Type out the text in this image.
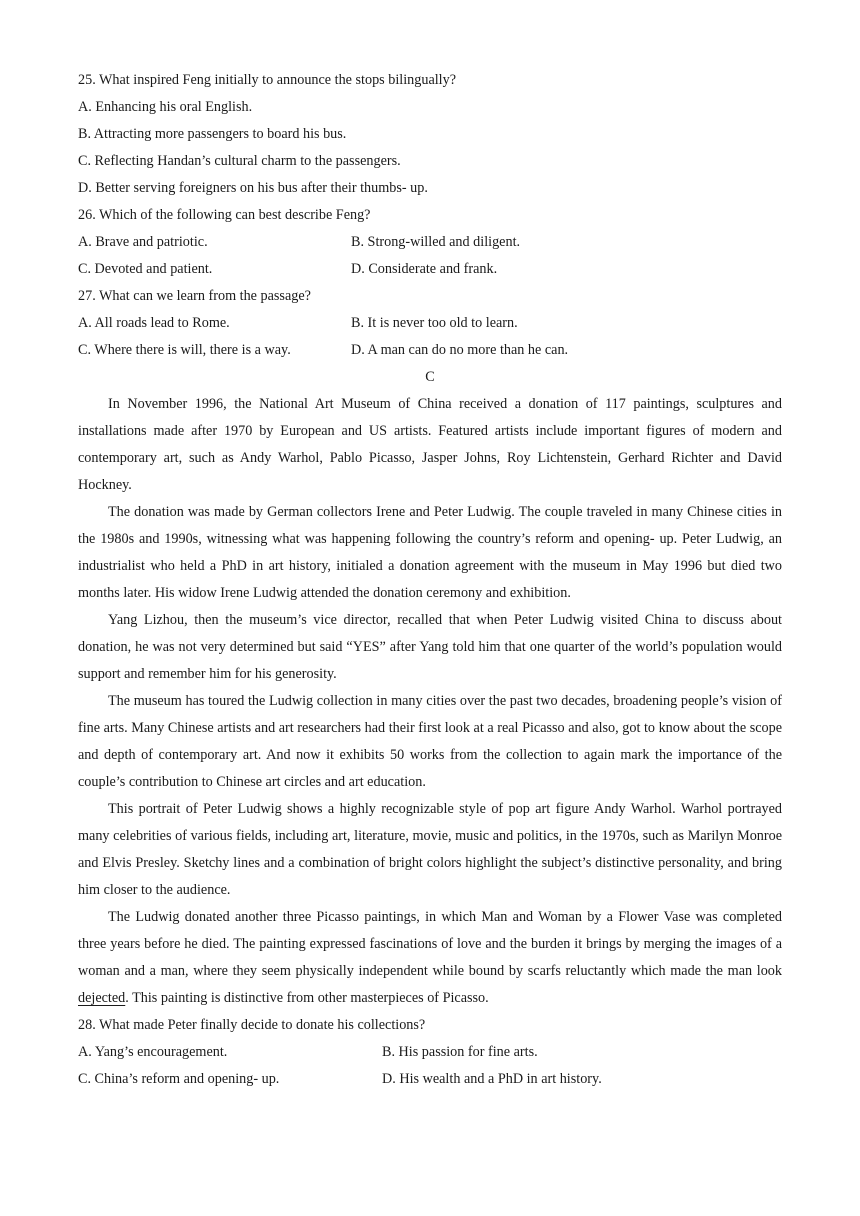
25. What inspired Feng initially to announce the stops bilingually?
A. Enhancing his oral English.
B. Attracting more passengers to board his bus.
C. Reflecting Handan’s cultural charm to the passengers.
D. Better serving foreigners on his bus after their thumbs- up.
26. Which of the following can best describe Feng?
A. Brave and patriotic.	B. Strong-willed and diligent.
C. Devoted and patient.	D. Considerate and frank.
27. What can we learn from the passage?
A. All roads lead to Rome.	B. It is never too old to learn.
C. Where there is will, there is a way.	D. A man can do no more than he can.
C

In November 1996, the National Art Museum of China received a donation of 117 paintings, sculptures and installations made after 1970 by European and US artists. Featured artists include important figures of modern and contemporary art, such as Andy Warhol, Pablo Picasso, Jasper Johns, Roy Lichtenstein, Gerhard Richter and David Hockney.

The donation was made by German collectors Irene and Peter Ludwig. The couple traveled in many Chinese cities in the 1980s and 1990s, witnessing what was happening following the country’s reform and opening- up. Peter Ludwig, an industrialist who held a PhD in art history, initialed a donation agreement with the museum in May 1996 but died two months later. His widow Irene Ludwig attended the donation ceremony and exhibition.

Yang Lizhou, then the museum’s vice director, recalled that when Peter Ludwig visited China to discuss about donation, he was not very determined but said “YES” after Yang told him that one quarter of the world’s population would support and remember him for his generosity.

The museum has toured the Ludwig collection in many cities over the past two decades, broadening people’s vision of fine arts. Many Chinese artists and art researchers had their first look at a real Picasso and also, got to know about the scope and depth of contemporary art. And now it exhibits 50 works from the collection to again mark the importance of the couple’s contribution to Chinese art circles and art education.

This portrait of Peter Ludwig shows a highly recognizable style of pop art figure Andy Warhol. Warhol portrayed many celebrities of various fields, including art, literature, movie, music and politics, in the 1970s, such as Marilyn Monroe and Elvis Presley. Sketchy lines and a combination of bright colors highlight the subject’s distinctive personality, and bring him closer to the audience.

The Ludwig donated another three Picasso paintings, in which Man and Woman by a Flower Vase was completed three years before he died. The painting expressed fascinations of love and the burden it brings by merging the images of a woman and a man, where they seem physically independent while bound by scarfs reluctantly which made the man look dejected. This painting is distinctive from other masterpieces of Picasso.

28. What made Peter finally decide to donate his collections?
A. Yang’s encouragement.	B. His passion for fine arts.
C. China’s reform and opening- up.	D. His wealth and a PhD in art history.
